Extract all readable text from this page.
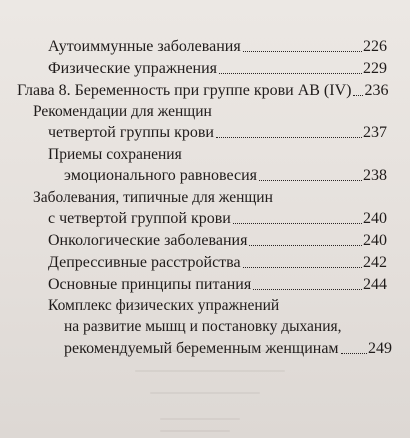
Аутоиммунные заболевания	226
Физические упражнения	229
Глава 8. Беременность при группе крови AB (IV) 236
Рекомендации для женщин
четвертой группы крови	237
Приемы сохранения
эмоционального равновесия	238
Заболевания, типичные для женщин
с четвертой группой крови	240
Онкологические заболевания	240
Депрессивные расстройства	242
Основные принципы питания	244
Комплекс физических упражнений
на развитие мышц и постановку дыхания,
рекомендуемый беременным женщинам 249
